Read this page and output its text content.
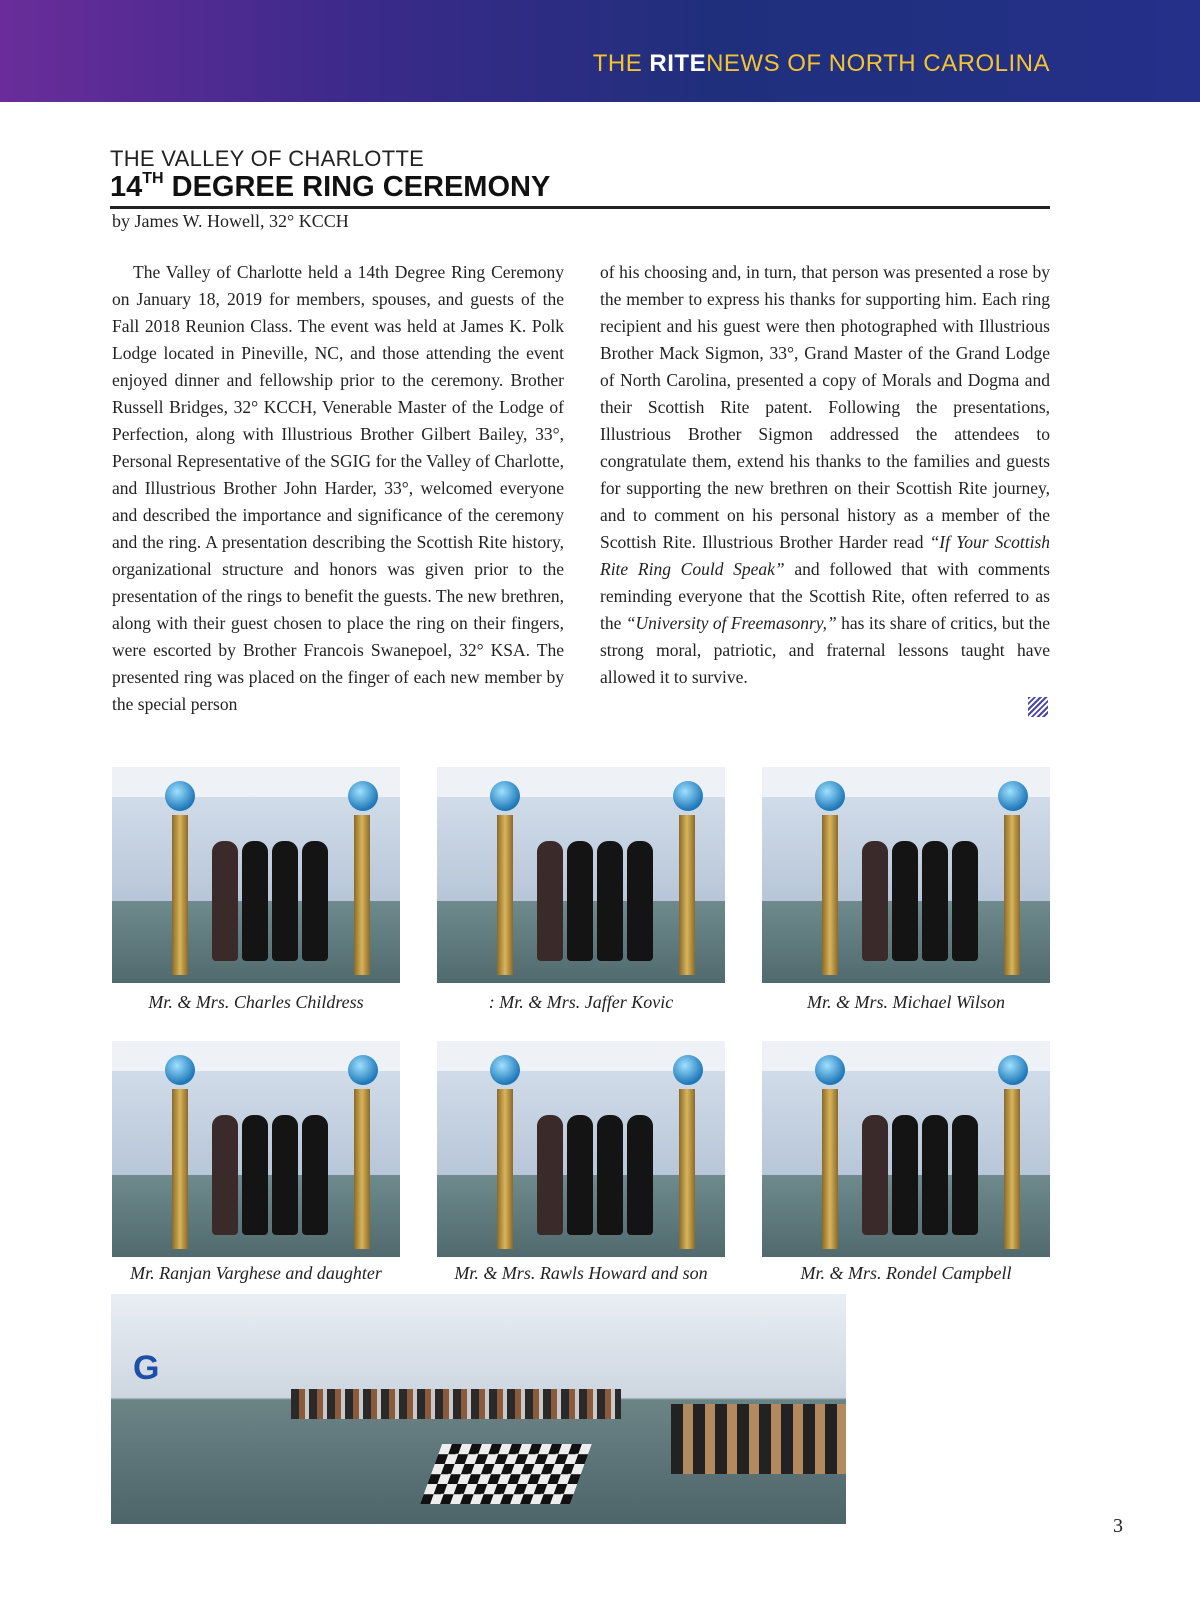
THE RITENEWS OF NORTH CAROLINA
THE VALLEY OF CHARLOTTE
14TH DEGREE RING CEREMONY
by James W. Howell, 32° KCCH

The Valley of Charlotte held a 14th Degree Ring Ceremony on January 18, 2019 for members, spouses, and guests of the Fall 2018 Reunion Class. The event was held at James K. Polk Lodge located in Pineville, NC, and those attending the event enjoyed dinner and fellowship prior to the ceremony. Brother Russell Bridges, 32° KCCH, Venerable Master of the Lodge of Perfection, along with Illustrious Brother Gilbert Bailey, 33°, Personal Representative of the SGIG for the Valley of Charlotte, and Illustrious Brother John Harder, 33°, welcomed everyone and described the importance and significance of the ceremony and the ring. A presentation describing the Scottish Rite history, organizational structure and honors was given prior to the presentation of the rings to benefit the guests. The new brethren, along with their guest chosen to place the ring on their fingers, were escorted by Brother Francois Swanepoel, 32° KSA. The presented ring was placed on the finger of each new member by the special person

of his choosing and, in turn, that person was presented a rose by the member to express his thanks for supporting him. Each ring recipient and his guest were then photographed with Illustrious Brother Mack Sigmon, 33°, Grand Master of the Grand Lodge of North Carolina, presented a copy of Morals and Dogma and their Scottish Rite patent. Following the presentations, Illustrious Brother Sigmon addressed the attendees to congratulate them, extend his thanks to the families and guests for supporting the new brethren on their Scottish Rite journey, and to comment on his personal history as a member of the Scottish Rite. Illustrious Brother Harder read “If Your Scottish Rite Ring Could Speak” and followed that with comments reminding everyone that the Scottish Rite, often referred to as the “University of Freemasonry,” has its share of critics, but the strong moral, patriotic, and fraternal lessons taught have allowed it to survive.

Mr. & Mrs. Charles Childress	: Mr. & Mrs. Jaffer Kovic	Mr. & Mrs. Michael Wilson
Mr. Ranjan Varghese and daughter	Mr. & Mrs. Rawls Howard and son	Mr. & Mrs. Rondel Campbell
G
3
